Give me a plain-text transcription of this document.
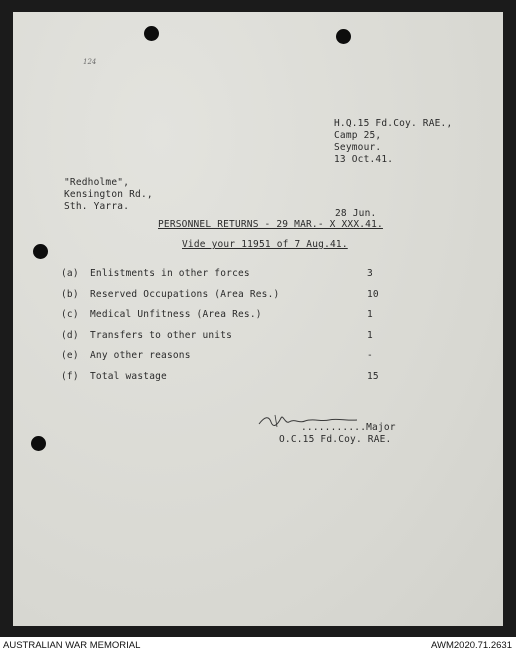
124
H.Q.15 Fd.Coy. RAE.,
Camp 25,
Seymour.
13 Oct.41.
"Redholme",
Kensington Rd.,
Sth. Yarra.
28 Jun.
PERSONNEL RETURNS - 29 MAR.- X XXX.41.
Vide your 11951 of 7 Aug.41.
(a) Enlistments in other forces	3
(b) Reserved Occupations (Area Res.)	10
(c) Medical Unfitness (Area Res.)	1
(d) Transfers to other units	1
(e) Any other reasons	-
(f) Total wastage	15
...........Major
O.C.15 Fd.Coy. RAE.
AUSTRALIAN WAR MEMORIAL	AWM2020.71.2631
